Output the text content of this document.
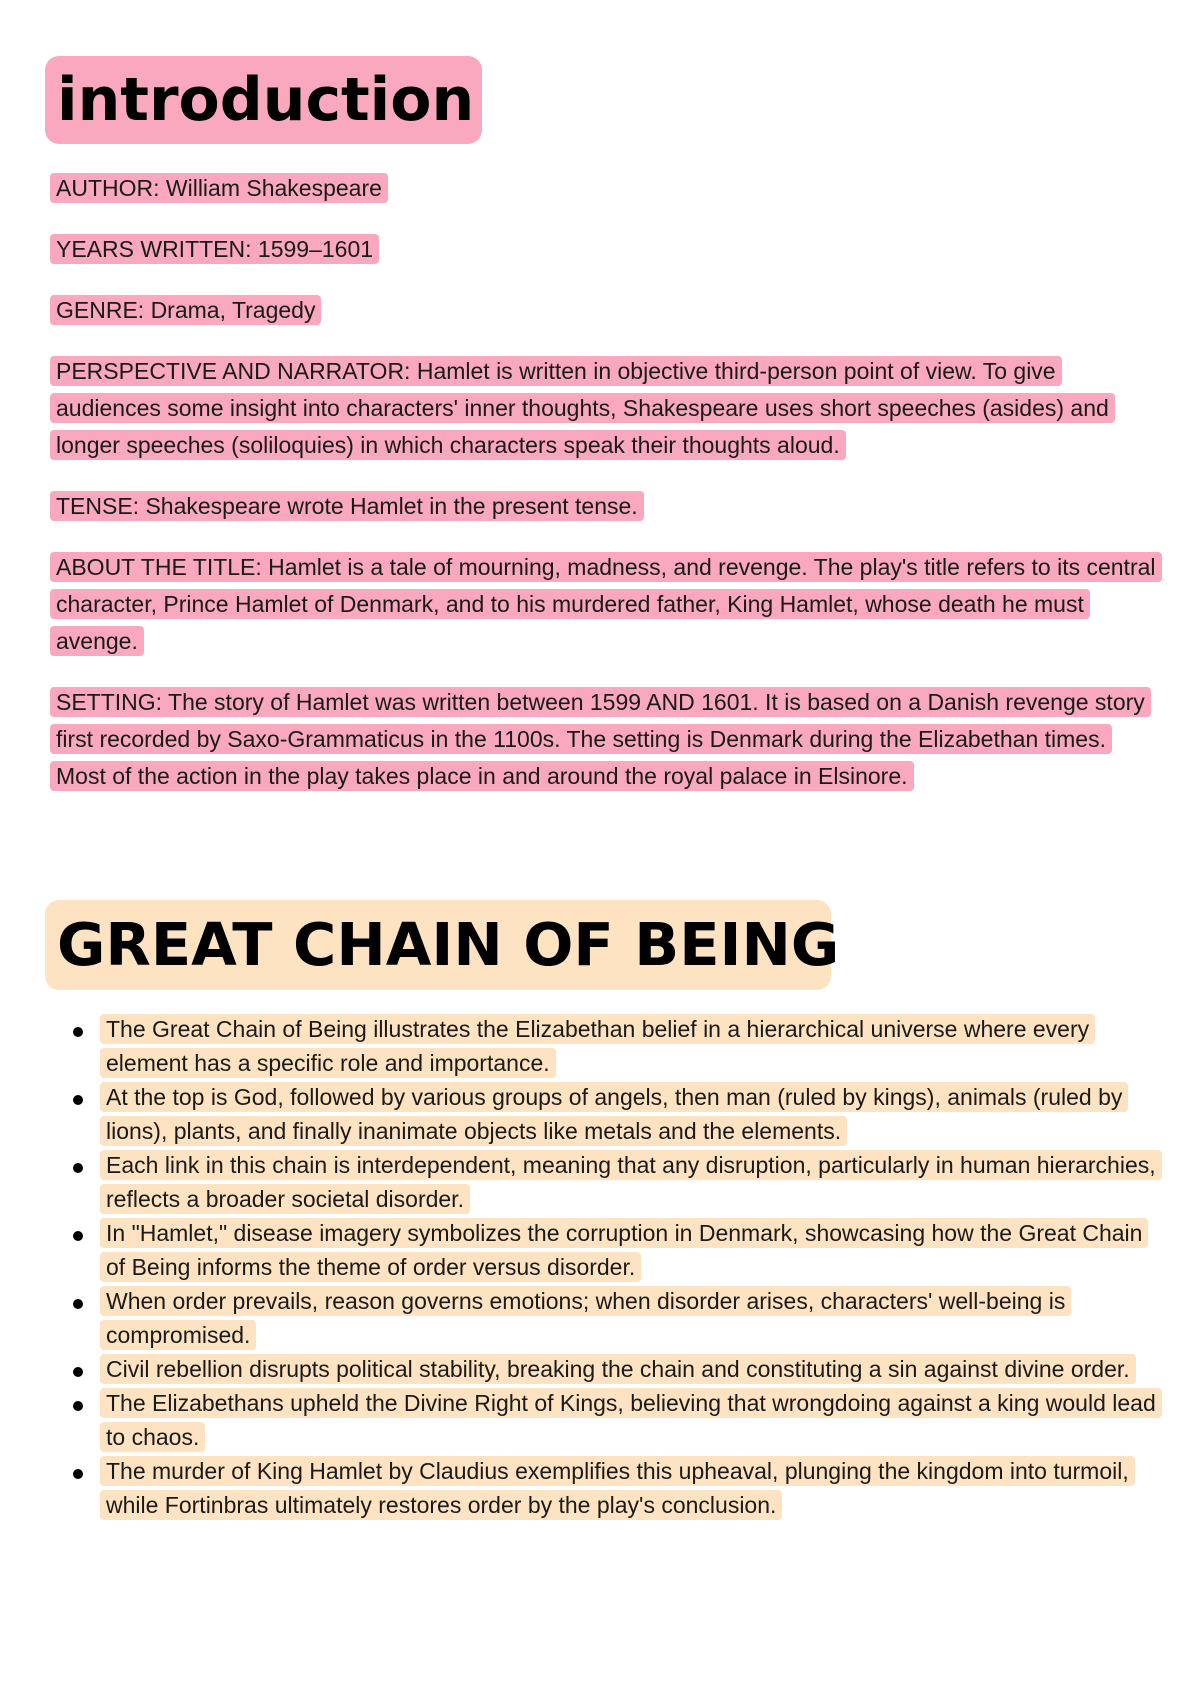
introduction

AUTHOR: William Shakespeare

YEARS WRITTEN: 1599–1601

GENRE: Drama, Tragedy

PERSPECTIVE AND NARRATOR: Hamlet is written in objective third-person point of view. To give audiences some insight into characters' inner thoughts, Shakespeare uses short speeches (asides) and longer speeches (soliloquies) in which characters speak their thoughts aloud.

TENSE: Shakespeare wrote Hamlet in the present tense.

ABOUT THE TITLE: Hamlet is a tale of mourning, madness, and revenge. The play's title refers to its central character, Prince Hamlet of Denmark, and to his murdered father, King Hamlet, whose death he must avenge.

SETTING: The story of Hamlet was written between 1599 AND 1601. It is based on a Danish revenge story first recorded by Saxo-Grammaticus in the 1100s. The setting is Denmark during the Elizabethan times. Most of the action in the play takes place in and around the royal palace in Elsinore.

GREAT CHAIN OF BEING
The Great Chain of Being illustrates the Elizabethan belief in a hierarchical universe where every element has a specific role and importance.
At the top is God, followed by various groups of angels, then man (ruled by kings), animals (ruled by lions), plants, and finally inanimate objects like metals and the elements.
Each link in this chain is interdependent, meaning that any disruption, particularly in human hierarchies, reflects a broader societal disorder.
In "Hamlet," disease imagery symbolizes the corruption in Denmark, showcasing how the Great Chain of Being informs the theme of order versus disorder.
When order prevails, reason governs emotions; when disorder arises, characters' well-being is compromised.
Civil rebellion disrupts political stability, breaking the chain and constituting a sin against divine order.
The Elizabethans upheld the Divine Right of Kings, believing that wrongdoing against a king would lead to chaos.
The murder of King Hamlet by Claudius exemplifies this upheaval, plunging the kingdom into turmoil, while Fortinbras ultimately restores order by the play's conclusion.
